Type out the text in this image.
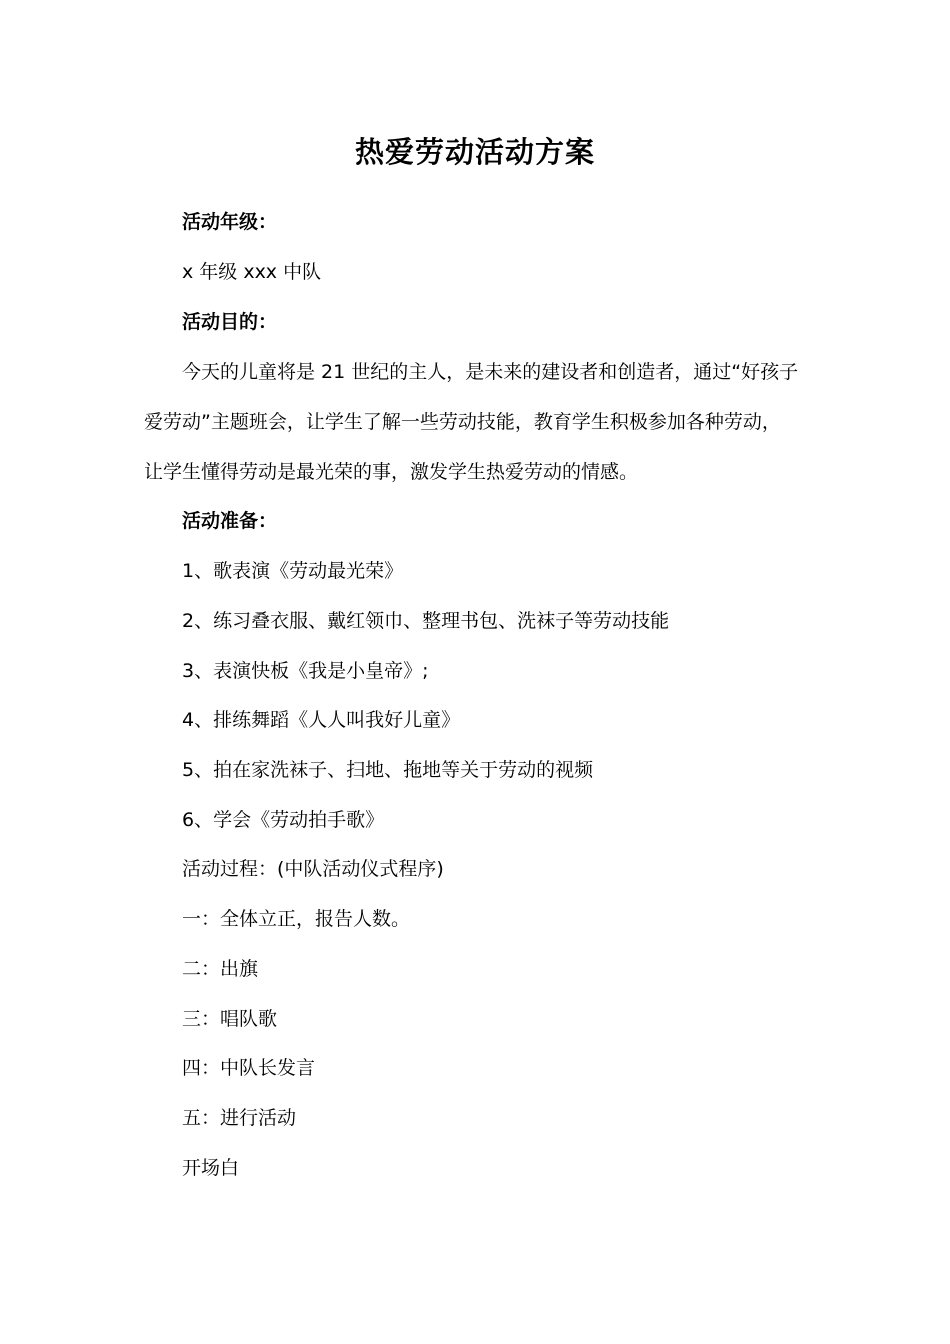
热爱劳动活动方案
活动年级：
x 年级 xxx 中队
活动目的：
今天的儿童将是 21 世纪的主人，是未来的建设者和创造者，通过“好孩子
爱劳动”主题班会，让学生了解一些劳动技能，教育学生积极参加各种劳动，
让学生懂得劳动是最光荣的事，激发学生热爱劳动的情感。
活动准备：
1、歌表演《劳动最光荣》
2、练习叠衣服、戴红领巾、整理书包、洗袜子等劳动技能
3、表演快板《我是小皇帝》;
4、排练舞蹈《人人叫我好儿童》
5、拍在家洗袜子、扫地、拖地等关于劳动的视频
6、学会《劳动拍手歌》
活动过程：(中队活动仪式程序)
一：全体立正，报告人数。
二：出旗
三：唱队歌
四：中队长发言
五：进行活动
开场白
